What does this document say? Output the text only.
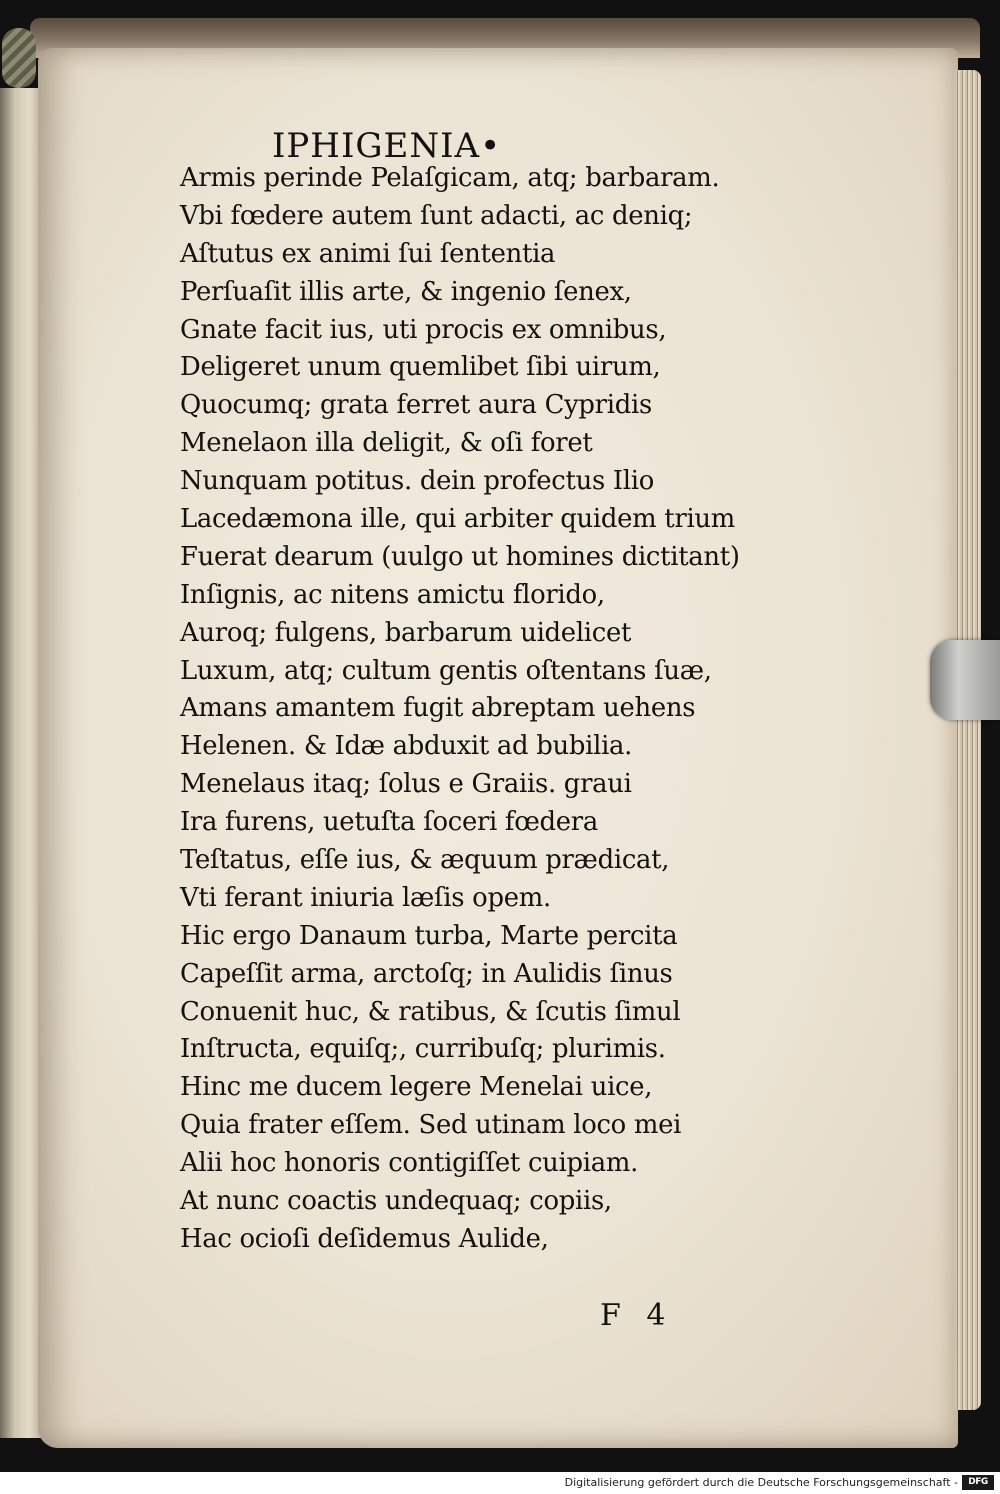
IPHIGENIA•
Armis perinde Pelaſgicam, atq; barbaram.
Vbi fœdere autem ſunt adacti, ac deniq;
Aſtutus ex animi ſui ſententia
Perſuaſit illis arte, & ingenio ſenex,
Gnate facit ius, uti procis ex omnibus,
Deligeret unum quemlibet ſibi uirum,
Quocumq; grata ferret aura Cypridis
Menelaon illa deligit, & oſi foret
Nunquam potitus. dein profectus Ilio
Lacedæmona ille, qui arbiter quidem trium
Fuerat dearum (uulgo ut homines dictitant)
Inſignis, ac nitens amictu florido,
Auroq; fulgens, barbarum uidelicet
Luxum, atq; cultum gentis oſtentans ſuæ,
Amans amantem fugit abreptam uehens
Helenen. & Idæ abduxit ad bubilia.
Menelaus itaq; ſolus e Graiis. graui
Ira furens, uetuſta ſoceri fœdera
Teſtatus, eſſe ius, & æquum prædicat,
Vti ferant iniuria læſis opem.
Hic ergo Danaum turba, Marte percita
Capeſſit arma, arctoſq; in Aulidis ſinus
Conuenit huc, & ratibus, & ſcutis ſimul
Inſtructa, equiſq;, curribuſq; plurimis.
Hinc me ducem legere Menelai uice,
Quia frater eſſem. Sed utinam loco mei
Alii hoc honoris contigiſſet cuipiam.
At nunc coactis undequaq; copiis,
Hac ocioſi deſidemus Aulide,
F 4
Digitalisierung gefördert durch die Deutsche Forschungsgemeinschaft -	DFG
